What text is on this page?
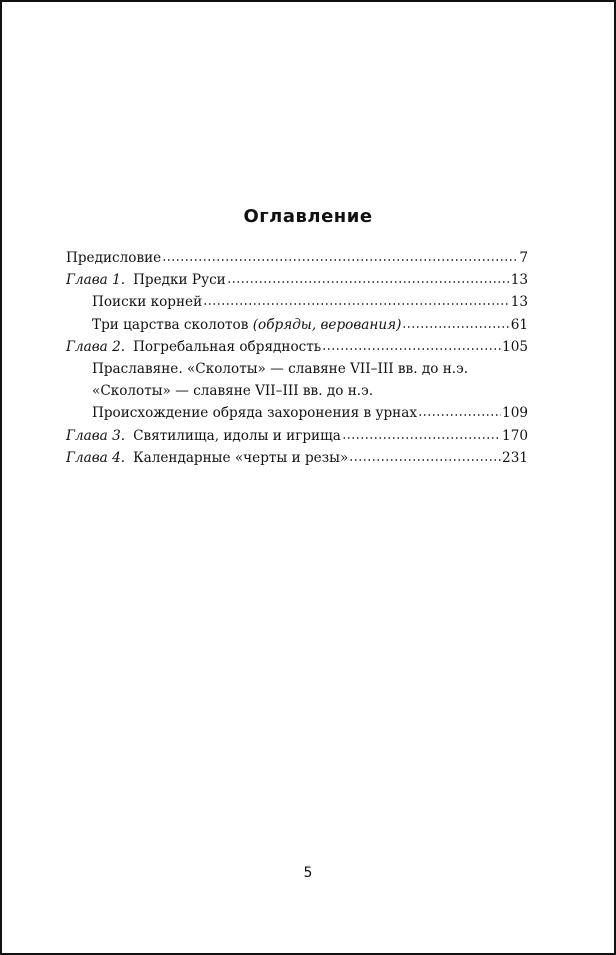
Оглавление
Предисловие	7
Глава 1. Предки Руси	13
Поиски корней	13
Три царства сколотов (обряды, верования)	61
Глава 2. Погребальная обрядность	105
Праславяне. «Сколоты» — славяне VII–III вв. до н.э.
«Сколоты» — славяне VII–III вв. до н.э.
Происхождение обряда захоронения в урнах	109
Глава 3. Святилища, идолы и игрища	170
Глава 4. Календарные «черты и резы»	231
5
